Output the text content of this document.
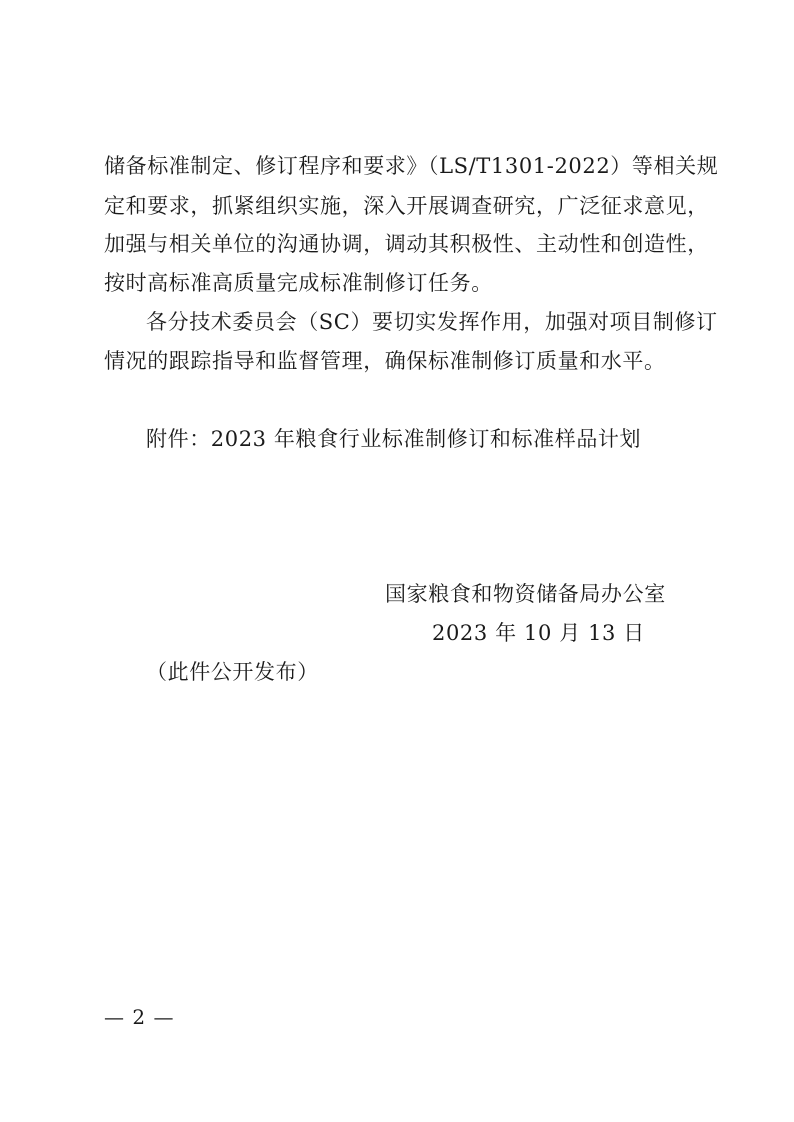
储备标准制定、修订程序和要求》（LS/T1301-2022）等相关规
定和要求，抓紧组织实施，深入开展调查研究，广泛征求意见，
加强与相关单位的沟通协调，调动其积极性、主动性和创造性，
按时高标准高质量完成标准制修订任务。
各分技术委员会（SC）要切实发挥作用，加强对项目制修订
情况的跟踪指导和监督管理，确保标准制修订质量和水平。
附件：2023 年粮食行业标准制修订和标准样品计划
国家粮食和物资储备局办公室
2023 年 10 月 13 日
（此件公开发布）
— 2 —
